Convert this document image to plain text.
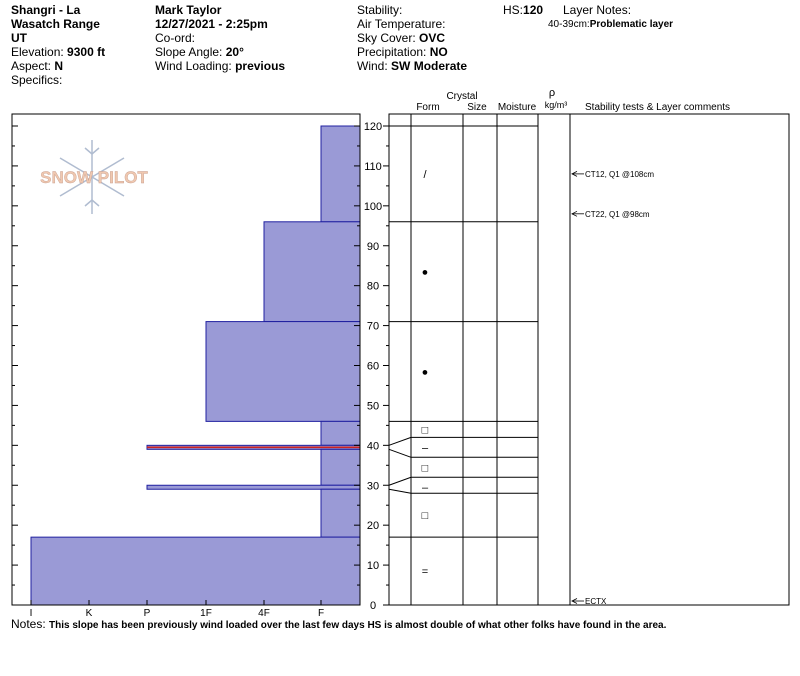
Shangri - La
Wasatch Range
UT
Elevation: 9300 ft
Aspect: N
Specifics:
Mark Taylor
12/27/2021 - 2:25pm
Co-ord:
Slope Angle: 20°
Wind Loading: previous
Stability:
Air Temperature:
Sky Cover: OVC
Precipitation: NO
Wind: SW Moderate
HS:120 Layer Notes:
40-39cm:Problematic layer
SNOW PILOT
0
10
20
30
40
50
60
70
80
90
100
110
120
I	K	P	1F	4F	F
/
●
●
□
–
□
–
□
=
CT12, Q1 @108cm
CT22, Q1 @98cm
ECTX
Crystal
Form	Size Moisture
ρ
kg/m³ Stability tests & Layer comments
Notes: This slope has been previously wind loaded over the last few days HS is almost double of what other folks have found in the area.
